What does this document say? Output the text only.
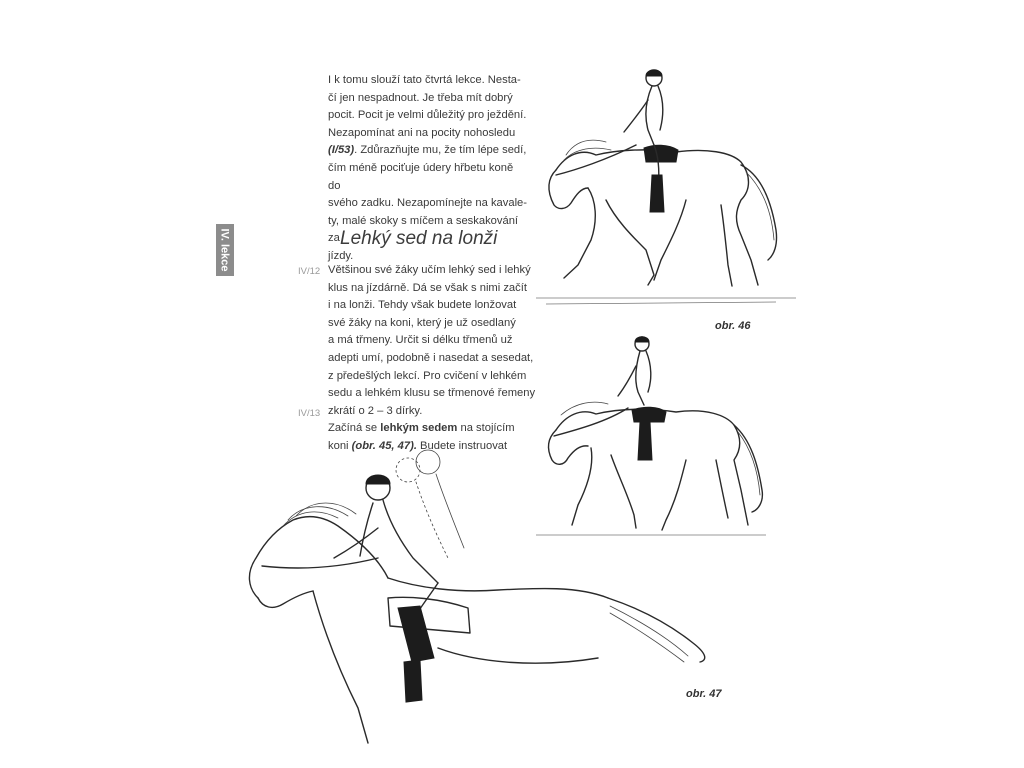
I k tomu slouží tato čtvrtá lekce. Nesta-

čí jen nespadnout. Je třeba mít dobrý

pocit. Pocit je velmi důležitý pro ježdění.

Nezapomínat ani na pocity nohosledu

(I/53). Zdůrazňujte mu, že tím lépe sedí,

čím méně pociťuje údery hřbetu koně do

svého zadku. Nezapomínejte na kavale-

ty, malé skoky s míčem a seskakování za

jízdy.

IV. lekce	Lehký sed na lonži
IV/12
IV/13

Většinou své žáky učím lehký sed i lehký

klus na jízdárně. Dá se však s nimi začít

i na lonži. Tehdy však budete lonžovat

své žáky na koni, který je už osedlaný

a má třmeny. Určit si délku třmenů už

adepti umí, podobně i nasedat a sesedat,

z předešlých lekcí. Pro cvičení v lehkém

sedu a lehkém klusu se třmenové řemeny

zkrátí o 2 – 3 dírky.

Začíná se lehkým sedem na stojícím

koni (obr. 45, 47). Budete instruovat

obr. 46
obr. 47
